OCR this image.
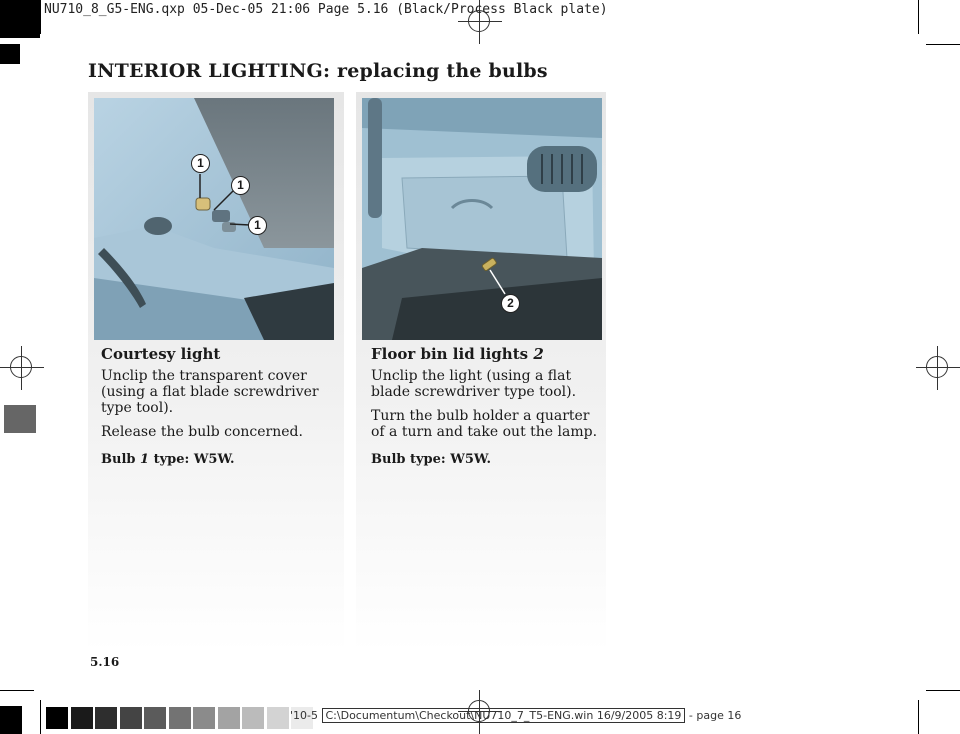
NU710_8_G5-ENG.qxp 05-Dec-05 21:06 Page 5.16 (Black/Process Black plate)
INTERIOR LIGHTING: replacing the bulbs
1
1
1
2
Courtesy light

Unclip the transparent cover (using a flat blade screwdriver type tool).

Release the bulb concerned.

Bulb 1 type: W5W.

Floor bin lid lights 2

Unclip the light (using a flat blade screwdriver type tool).

Turn the bulb holder a quarter of a turn and take out the lamp.

Bulb type: W5W.

5.16
'10-5 C:\Documentum\Checkout\NU710_7_T5-ENG.win 16/9/2005 8:19 - page 16
